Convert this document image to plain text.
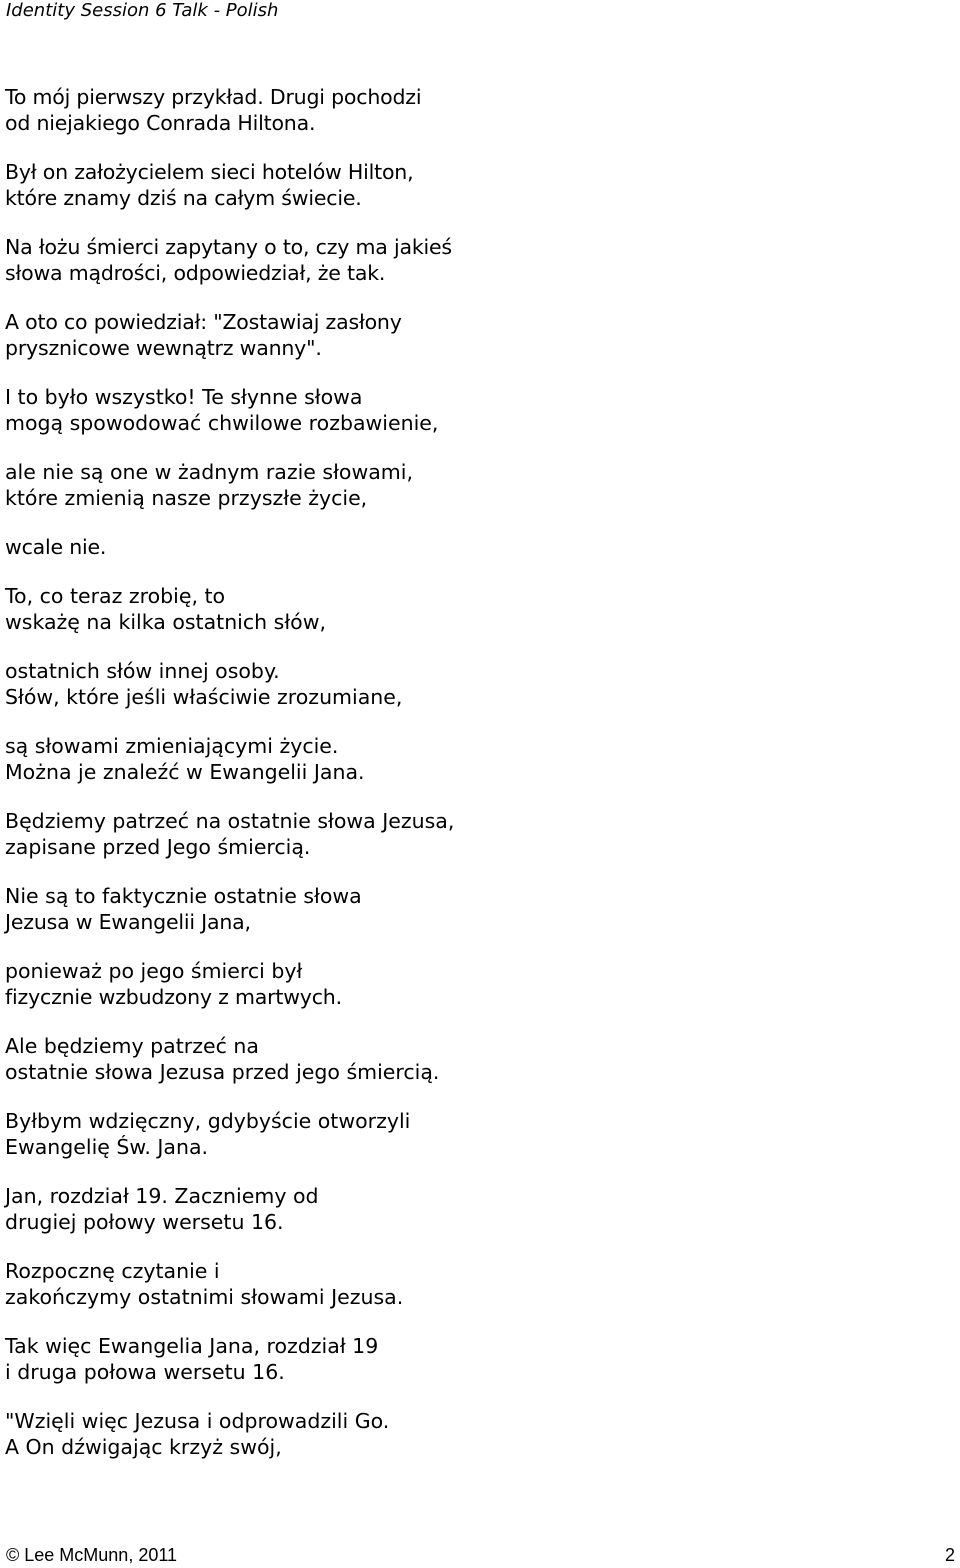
Identity Session 6 Talk - Polish
To mój pierwszy przykład. Drugi pochodzi
od niejakiego Conrada Hiltona.
Był on założycielem sieci hotelów Hilton,
które znamy dziś na całym świecie.
Na łożu śmierci zapytany o to, czy ma jakieś
słowa mądrości, odpowiedział, że tak.
A oto co powiedział: "Zostawiaj zasłony
prysznicowe wewnątrz wanny".
I to było wszystko! Te słynne słowa
mogą spowodować chwilowe rozbawienie,
ale nie są one w żadnym razie słowami,
które zmienią nasze przyszłe życie,
wcale nie.
To, co teraz zrobię, to
wskażę na kilka ostatnich słów,
ostatnich słów innej osoby.
Słów, które jeśli właściwie zrozumiane,
są słowami zmieniającymi życie.
Można je znaleźć w Ewangelii Jana.
Będziemy patrzeć na ostatnie słowa Jezusa,
zapisane przed Jego śmiercią.
Nie są to faktycznie ostatnie słowa
Jezusa w Ewangelii Jana,
ponieważ po jego śmierci był
fizycznie wzbudzony z martwych.
Ale będziemy patrzeć na
ostatnie słowa Jezusa przed jego śmiercią.
Byłbym wdzięczny, gdybyście otworzyli
Ewangelię Św. Jana.
Jan, rozdział 19. Zaczniemy od
drugiej połowy wersetu 16.
Rozpocznę czytanie i
zakończymy ostatnimi słowami Jezusa.
Tak więc Ewangelia Jana, rozdział 19
i druga połowa wersetu 16.
"Wzięli więc Jezusa i odprowadzili Go.
A On dźwigając krzyż swój,
© Lee McMunn, 2011	2
